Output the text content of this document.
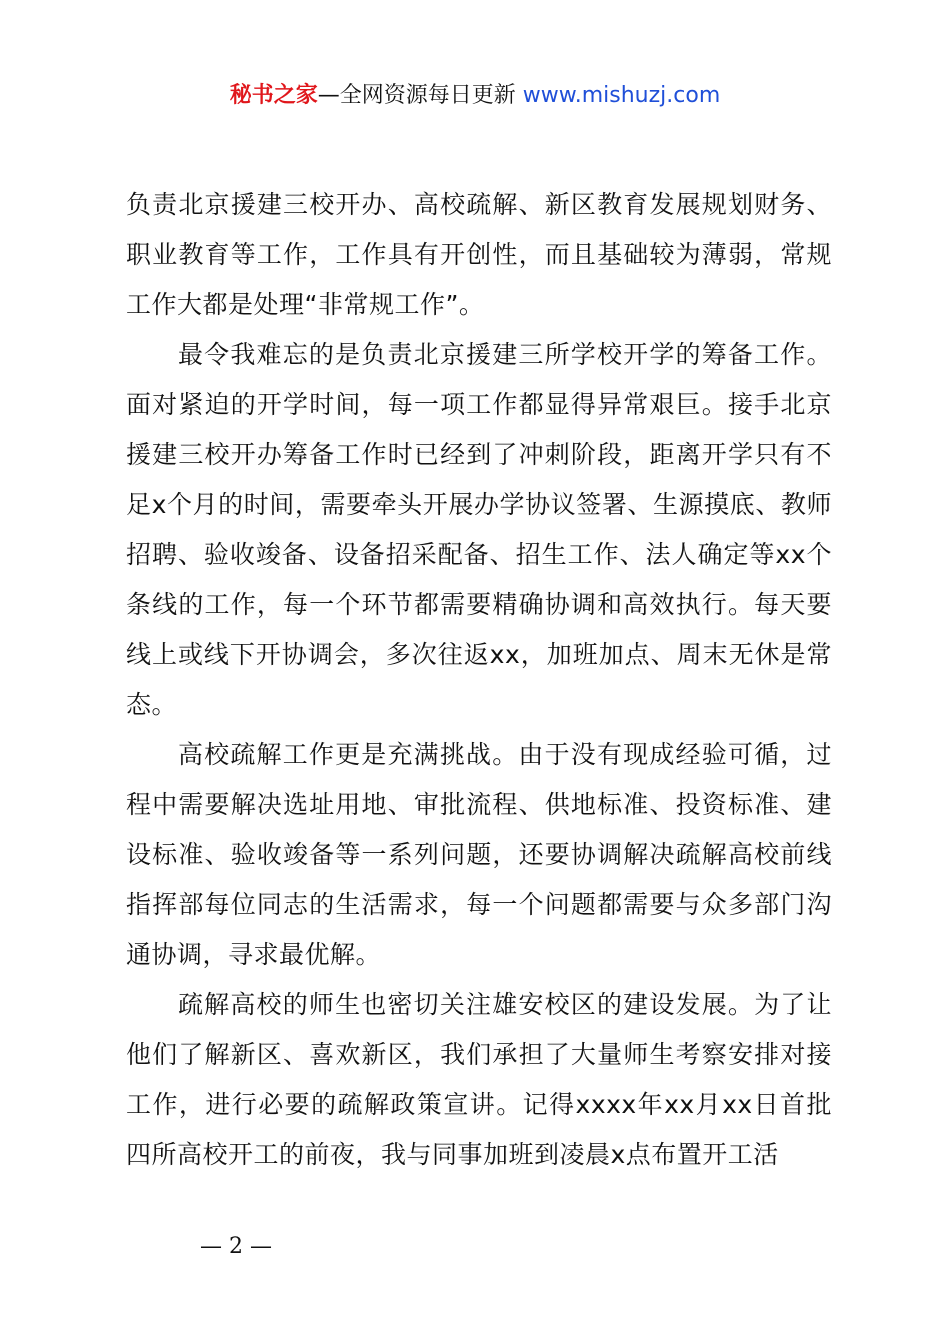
秘书之家—全网资源每日更新 www.mishuzj.com

负责北京援建三校开办、高校疏解、新区教育发展规划财务、职业教育等工作，工作具有开创性，而且基础较为薄弱，常规工作大都是处理“非常规工作”。

最令我难忘的是负责北京援建三所学校开学的筹备工作。面对紧迫的开学时间，每一项工作都显得异常艰巨。接手北京援建三校开办筹备工作时已经到了冲刺阶段，距离开学只有不足x个月的时间，需要牵头开展办学协议签署、生源摸底、教师招聘、验收竣备、设备招采配备、招生工作、法人确定等xx个条线的工作，每一个环节都需要精确协调和高效执行。每天要线上或线下开协调会，多次往返xx，加班加点、周末无休是常态。

高校疏解工作更是充满挑战。由于没有现成经验可循，过程中需要解决选址用地、审批流程、供地标准、投资标准、建设标准、验收竣备等一系列问题，还要协调解决疏解高校前线指挥部每位同志的生活需求，每一个问题都需要与众多部门沟通协调，寻求最优解。

疏解高校的师生也密切关注雄安校区的建设发展。为了让他们了解新区、喜欢新区，我们承担了大量师生考察安排对接工作，进行必要的疏解政策宣讲。记得xxxx年xx月xx日首批四所高校开工的前夜，我与同事加班到凌晨x点布置开工活

— 2 —
